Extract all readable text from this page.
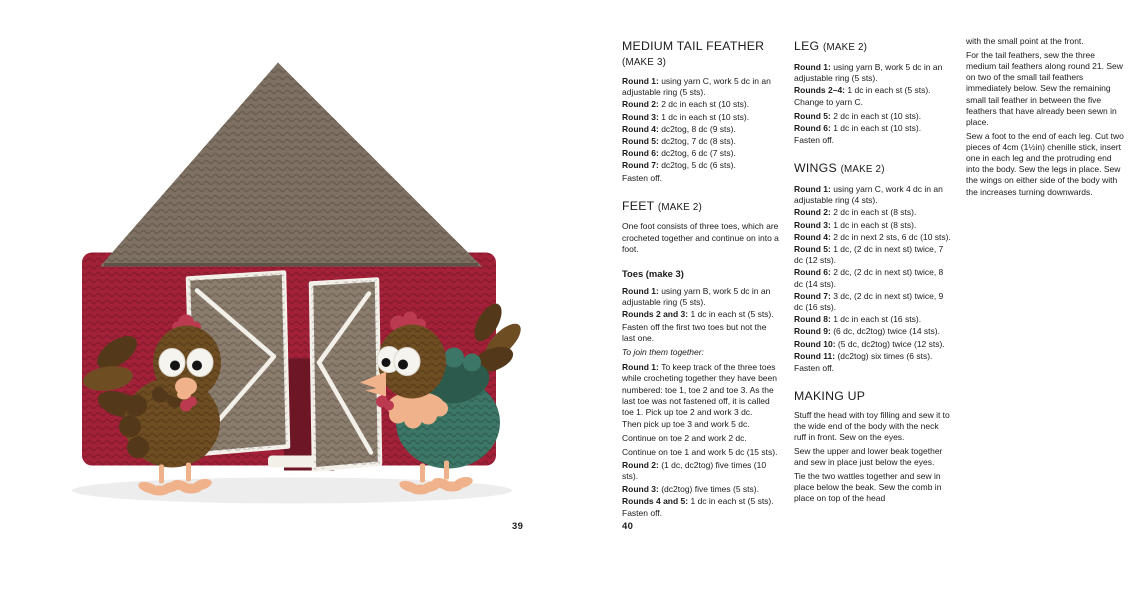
39
MEDIUM TAIL FEATHER
(MAKE 3)

Round 1: using yarn C, work 5 dc in an adjustable ring (5 sts).

Round 2: 2 dc in each st (10 sts).

Round 3: 1 dc in each st (10 sts).

Round 4: dc2tog, 8 dc (9 sts).

Round 5: dc2tog, 7 dc (8 sts).

Round 6: dc2tog, 6 dc (7 sts).

Round 7: dc2tog, 5 dc (6 sts).

Fasten off.

FEET (MAKE 2)

One foot consists of three toes, which are crocheted together and continue on into a foot.

Toes (make 3)

Round 1: using yarn B, work 5 dc in an adjustable ring (5 sts).

Rounds 2 and 3: 1 dc in each st (5 sts).

Fasten off the first two toes but not the last one.

To join them together:

Round 1: To keep track of the three toes while crocheting together they have been numbered: toe 1, toe 2 and toe 3. As the last toe was not fastened off, it is called toe 1. Pick up toe 2 and work 3 dc.

Then pick up toe 3 and work 5 dc.

Continue on toe 2 and work 2 dc.

Continue on toe 1 and work 5 dc (15 sts).

Round 2: (1 dc, dc2tog) five times (10 sts).

Round 3: (dc2tog) five times (5 sts).

Rounds 4 and 5: 1 dc in each st (5 sts).

Fasten off.

LEG (MAKE 2)

Round 1: using yarn B, work 5 dc in an adjustable ring (5 sts).

Rounds 2–4: 1 dc in each st (5 sts).

Change to yarn C.

Round 5: 2 dc in each st (10 sts).

Round 6: 1 dc in each st (10 sts).

Fasten off.

WINGS (MAKE 2)

Round 1: using yarn C, work 4 dc in an adjustable ring (4 sts).

Round 2: 2 dc in each st (8 sts).

Round 3: 1 dc in each st (8 sts).

Round 4: 2 dc in next 2 sts, 6 dc (10 sts).

Round 5: 1 dc, (2 dc in next st) twice, 7 dc (12 sts).

Round 6: 2 dc, (2 dc in next st) twice, 8 dc (14 sts).

Round 7: 3 dc, (2 dc in next st) twice, 9 dc (16 sts).

Round 8: 1 dc in each st (16 sts).

Round 9: (6 dc, dc2tog) twice (14 sts).

Round 10: (5 dc, dc2tog) twice (12 sts).

Round 11: (dc2tog) six times (6 sts).

Fasten off.

MAKING UP

Stuff the head with toy filling and sew it to the wide end of the body with the neck ruff in front. Sew on the eyes.

Sew the upper and lower beak together and sew in place just below the eyes.

Tie the two wattles together and sew in place below the beak. Sew the comb in place on top of the head

with the small point at the front.

For the tail feathers, sew the three medium tail feathers along round 21. Sew on two of the small tail feathers immediately below. Sew the remaining small tail feather in between the five feathers that have already been sewn in place.

Sew a foot to the end of each leg. Cut two pieces of 4cm (1½in) chenille stick, insert one in each leg and the protruding end into the body. Sew the legs in place. Sew the wings on either side of the body with the increases turning downwards.

40
